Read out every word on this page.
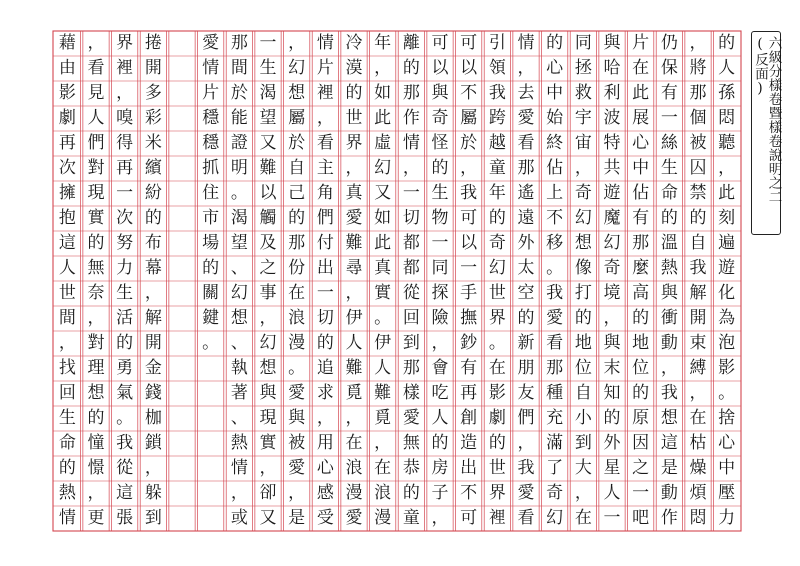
的
人
孫
悶
聽
，
此
刻
遍
遊
化
為
泡
影
。
捨
心
中
壓
力
，
將
那
個
被
囚
禁
的
自
我
解
開
束
縛
，
在
枯
燥
煩
悶
仍
保
有
一
絲
生
命
的
溫
熱
與
衝
動
，
我
想
這
是
動
作
片
在
此
展
心
中
佔
有
那
麼
高
的
地
位
的
原
因
之
一
吧
與
哈
利
波
特
共
遊
魔
幻
奇
境
，
與
末
知
的
外
星
人
一
同
拯
救
宇
宙
，
奇
幻
想
像
打
的
地
位
自
小
到
大
，
在
的
心
中
始
終
佔
上
不
移
。
我
愛
看
那
種
充
滿
了
奇
幻
情
，
去
愛
看
那
遙
遠
外
太
空
的
新
朋
友
們
，
我
愛
看
引
領
我
跨
越
童
年
的
奇
幻
世
界
。
在
影
劇
的
世
界
裡
可
以
不
屬
於
，
我
可
以
一
手
撫
鈔
有
再
創
造
出
不
可
可
以
與
奇
怪
的
生
物
一
同
探
險
，
會
吃
人
的
房
子
，
離
的
那
作
情
，
一
切
都
都
從
回
到
那
樣
愛
無
恭
的
童
年
，
如
此
虛
幻
又
如
此
真
實
。
伊
人
難
覓
，
在
浪
漫
冷
漠
的
世
界
，
真
愛
難
尋
，
伊
人
難
覓
，
在
浪
漫
愛
情
片
裡
，
看
主
角
們
付
出
一
切
的
追
求
，
用
心
感
受
，
幻
想
屬
於
自
己
的
那
份
在
浪
漫
。
愛
與
被
愛
，
是
一
生
渴
望
又
難
以
觸
及
之
事
，
幻
想
與
現
實
，
卻
又
那
間
於
能
證
明
。
渴
望
、
幻
想
、
執
著
、
熱
情
，
或
愛
情
片
穩
穩
抓
住
市
場
的
關
鍵
。
捲
開
多
彩
米
繽
紛
的
布
幕
，
解
開
金
錢
枷
鎖
，
躲
到
界
裡
，
嗅
得
再
一
次
努
力
生
活
的
勇
氣
。
我
從
這
張
，
看
見
人
們
對
現
實
的
無
奈
，
對
理
想
的
憧
憬
，
更
藉
由
影
劇
再
次
擁
抱
這
人
世
間
，
找
回
生
命
的
熱
情
六級分樣卷暨樣卷說明之二(反面)
